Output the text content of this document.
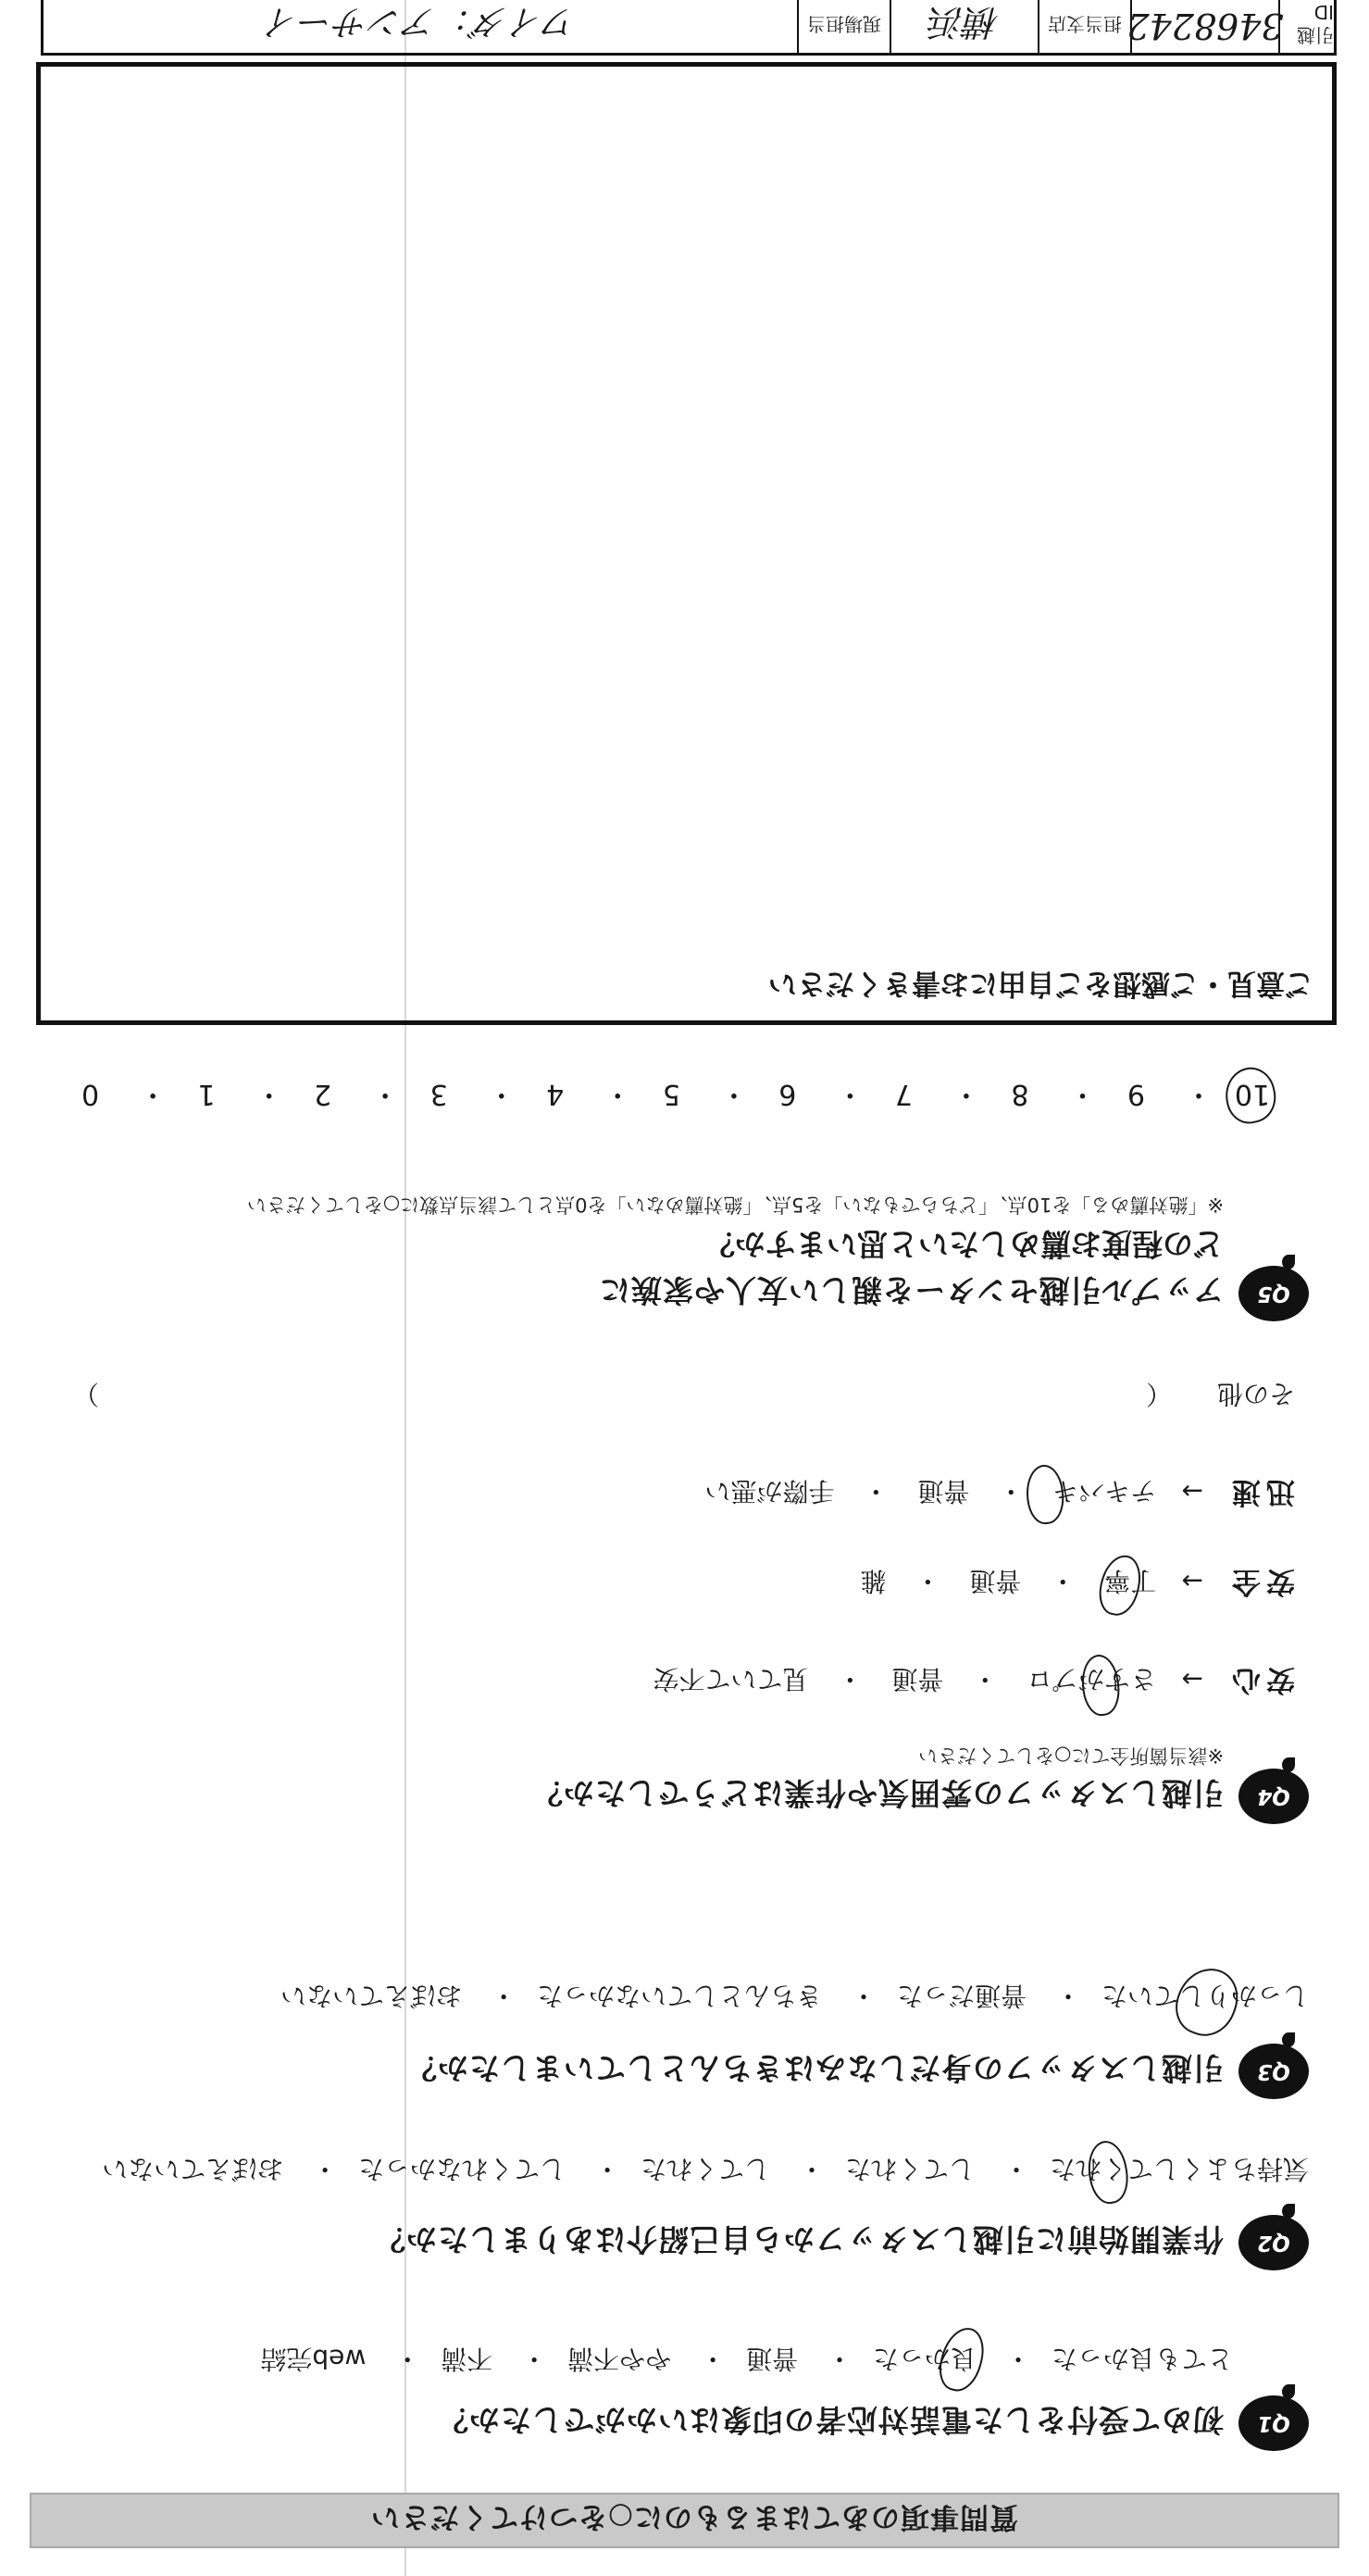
質問事項のあてはまるものに○をつけてください
Q1
初めて受付をした電話対応者の印象はいかがでしたか？
とても良かった・ 良かった
・ 普通・ やや不満・ 不満・ web完結
Q2
作業開始前に引越しスタッフから自己紹介はありましたか？
気持ちよくしてくれた
・ してくれた・ してくれた・ してくれなかった・ おぼえていない
Q3
引越しスタッフの身だしなみはきちんとしていましたか？
しっかりしていた
・ 普通だった・ きちんとしていなかった・ おぼえていない
Q4
引越しスタッフの雰囲気や作業はどうでしたか？
※該当箇所全てに○をしてください
安心 → さすがプロ
・ 普通 ・ 見ていて不安
安全 → 丁寧
・ 普通 ・ 雑
迅速 → テキパキ
・ 普通 ・ 手際が悪い
その他 （
）
Q5
アップル引越センターを親しい友人や家族に
どの程度お薦めしたいと思いますか？
※「絶対薦める」を10点、「どちらでもない」を5点、「絶対薦めない」を0点として該当点数に○をしてください
10
・ 9・ 8・ 7・ 6・ 5・ 4・ 3・ 2・ 1・ 0
ご意見・ご感想をご自由にお書きください
引越ID
3468242
担当支店
横浜
現場担当
ワイダ：アンサーイ
